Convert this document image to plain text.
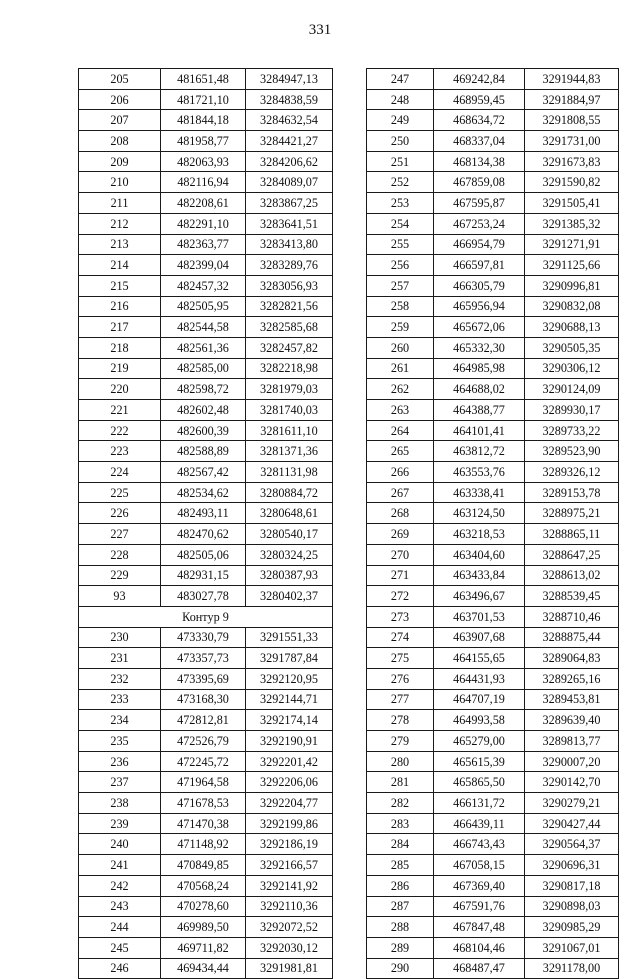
331
205	481651,48	3284947,13
206	481721,10	3284838,59
207	481844,18	3284632,54
208	481958,77	3284421,27
209	482063,93	3284206,62
210	482116,94	3284089,07
211	482208,61	3283867,25
212	482291,10	3283641,51
213	482363,77	3283413,80
214	482399,04	3283289,76
215	482457,32	3283056,93
216	482505,95	3282821,56
217	482544,58	3282585,68
218	482561,36	3282457,82
219	482585,00	3282218,98
220	482598,72	3281979,03
221	482602,48	3281740,03
222	482600,39	3281611,10
223	482588,89	3281371,36
224	482567,42	3281131,98
225	482534,62	3280884,72
226	482493,11	3280648,61
227	482470,62	3280540,17
228	482505,06	3280324,25
229	482931,15	3280387,93
93	483027,78	3280402,37
Контур 9		
230	473330,79	3291551,33
231	473357,73	3291787,84
232	473395,69	3292120,95
233	473168,30	3292144,71
234	472812,81	3292174,14
235	472526,79	3292190,91
236	472245,72	3292201,42
237	471964,58	3292206,06
238	471678,53	3292204,77
239	471470,38	3292199,86
240	471148,92	3292186,19
241	470849,85	3292166,57
242	470568,24	3292141,92
243	470278,60	3292110,36
244	469989,50	3292072,52
245	469711,82	3292030,12
246	469434,44	3291981,81
247	469242,84	3291944,83
248	468959,45	3291884,97
249	468634,72	3291808,55
250	468337,04	3291731,00
251	468134,38	3291673,83
252	467859,08	3291590,82
253	467595,87	3291505,41
254	467253,24	3291385,32
255	466954,79	3291271,91
256	466597,81	3291125,66
257	466305,79	3290996,81
258	465956,94	3290832,08
259	465672,06	3290688,13
260	465332,30	3290505,35
261	464985,98	3290306,12
262	464688,02	3290124,09
263	464388,77	3289930,17
264	464101,41	3289733,22
265	463812,72	3289523,90
266	463553,76	3289326,12
267	463338,41	3289153,78
268	463124,50	3288975,21
269	463218,53	3288865,11
270	463404,60	3288647,25
271	463433,84	3288613,02
272	463496,67	3288539,45
273	463701,53	3288710,46
274	463907,68	3288875,44
275	464155,65	3289064,83
276	464431,93	3289265,16
277	464707,19	3289453,81
278	464993,58	3289639,40
279	465279,00	3289813,77
280	465615,39	3290007,20
281	465865,50	3290142,70
282	466131,72	3290279,21
283	466439,11	3290427,44
284	466743,43	3290564,37
285	467058,15	3290696,31
286	467369,40	3290817,18
287	467591,76	3290898,03
288	467847,48	3290985,29
289	468104,46	3291067,01
290	468487,47	3291178,00
